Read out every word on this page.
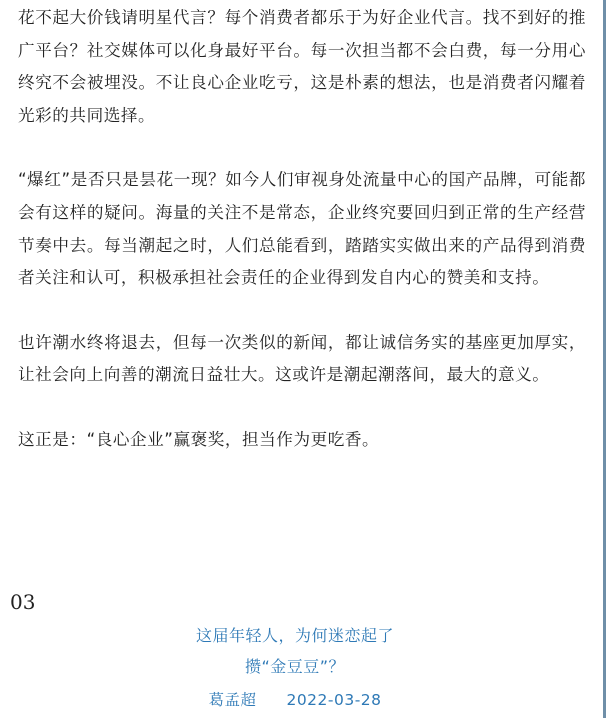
花不起大价钱请明星代言？每个消费者都乐于为好企业代言。找不到好的推广平台？社交媒体可以化身最好平台。每一次担当都不会白费，每一分用心终究不会被埋没。不让良心企业吃亏，这是朴素的想法，也是消费者闪耀着光彩的共同选择。

“爆红”是否只是昙花一现？如今人们审视身处流量中心的国产品牌，可能都会有这样的疑问。海量的关注不是常态，企业终究要回归到正常的生产经营节奏中去。每当潮起之时，人们总能看到，踏踏实实做出来的产品得到消费者关注和认可，积极承担社会责任的企业得到发自内心的赞美和支持。

也许潮水终将退去，但每一次类似的新闻，都让诚信务实的基座更加厚实，让社会向上向善的潮流日益壮大。这或许是潮起潮落间，最大的意义。

这正是：“良心企业”赢褒奖，担当作为更吃香。

03

这届年轻人，为何迷恋起了

攒“金豆豆”？

葛孟超 2022-03-28
